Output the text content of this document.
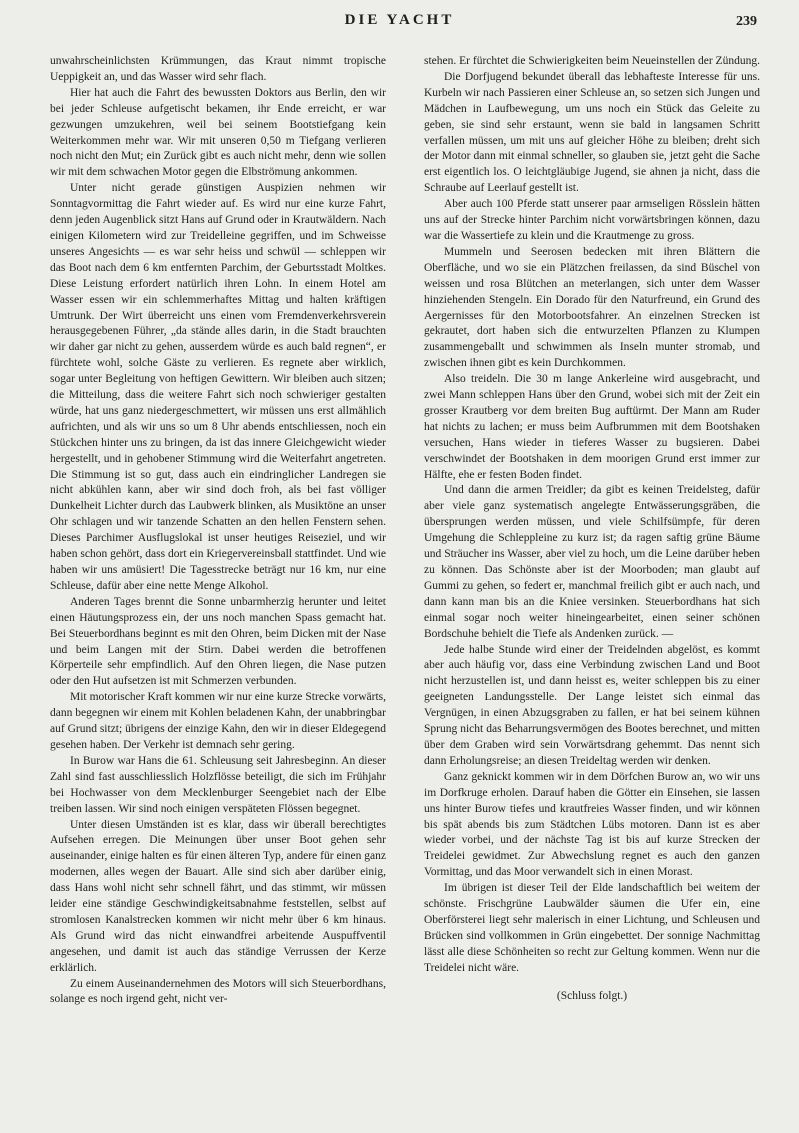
DIE YACHT	239

unwahrscheinlichsten Krümmungen, das Kraut nimmt tropische Ueppigkeit an, und das Wasser wird sehr flach.

Hier hat auch die Fahrt des bewussten Doktors aus Berlin, den wir bei jeder Schleuse aufgetischt bekamen, ihr Ende erreicht, er war gezwungen umzukehren, weil bei seinem Bootstiefgang kein Weiterkommen mehr war. Wir mit unseren 0,50 m Tiefgang verlieren noch nicht den Mut; ein Zurück gibt es auch nicht mehr, denn wie sollen wir mit dem schwachen Motor gegen die Elbströmung ankommen.

Unter nicht gerade günstigen Auspizien nehmen wir Sonntagvormittag die Fahrt wieder auf. Es wird nur eine kurze Fahrt, denn jeden Augenblick sitzt Hans auf Grund oder in Krautwäldern. Nach einigen Kilometern wird zur Treidelleine gegriffen, und im Schweisse unseres Angesichts — es war sehr heiss und schwül — schleppen wir das Boot nach dem 6 km entfernten Parchim, der Geburtsstadt Moltkes. Diese Leistung erfordert natürlich ihren Lohn. In einem Hotel am Wasser essen wir ein schlemmerhaftes Mittag und halten kräftigen Umtrunk. Der Wirt überreicht uns einen vom Fremdenverkehrsverein herausgegebenen Führer, „da stände alles darin, in die Stadt brauchten wir daher gar nicht zu gehen, ausserdem würde es auch bald regnen“, er fürchtete wohl, solche Gäste zu verlieren. Es regnete aber wirklich, sogar unter Begleitung von heftigen Gewittern. Wir bleiben auch sitzen; die Mitteilung, dass die weitere Fahrt sich noch schwieriger gestalten würde, hat uns ganz niedergeschmettert, wir müssen uns erst allmählich aufrichten, und als wir uns so um 8 Uhr abends entschliessen, noch ein Stückchen hinter uns zu bringen, da ist das innere Gleichgewicht wieder hergestellt, und in gehobener Stimmung wird die Weiterfahrt angetreten. Die Stimmung ist so gut, dass auch ein eindringlicher Landregen sie nicht abkühlen kann, aber wir sind doch froh, als bei fast völliger Dunkelheit Lichter durch das Laubwerk blinken, als Musiktöne an unser Ohr schlagen und wir tanzende Schatten an den hellen Fenstern sehen. Dieses Parchimer Ausflugslokal ist unser heutiges Reiseziel, und wir haben schon gehört, dass dort ein Kriegervereinsball stattfindet. Und wie haben wir uns amüsiert! Die Tagesstrecke beträgt nur 16 km, nur eine Schleuse, dafür aber eine nette Menge Alkohol.

Anderen Tages brennt die Sonne unbarmherzig herunter und leitet einen Häutungsprozess ein, der uns noch manchen Spass gemacht hat. Bei Steuerbordhans beginnt es mit den Ohren, beim Dicken mit der Nase und beim Langen mit der Stirn. Dabei werden die betroffenen Körperteile sehr empfindlich. Auf den Ohren liegen, die Nase putzen oder den Hut aufsetzen ist mit Schmerzen verbunden.

Mit motorischer Kraft kommen wir nur eine kurze Strecke vorwärts, dann begegnen wir einem mit Kohlen beladenen Kahn, der unabbringbar auf Grund sitzt; übrigens der einzige Kahn, den wir in dieser Eldegegend gesehen haben. Der Verkehr ist demnach sehr gering.

In Burow war Hans die 61. Schleusung seit Jahresbeginn. An dieser Zahl sind fast ausschliesslich Holzflösse beteiligt, die sich im Frühjahr bei Hochwasser von dem Mecklenburger Seengebiet nach der Elbe treiben lassen. Wir sind noch einigen verspäteten Flössen begegnet.

Unter diesen Umständen ist es klar, dass wir überall berechtigtes Aufsehen erregen. Die Meinungen über unser Boot gehen sehr auseinander, einige halten es für einen älteren Typ, andere für einen ganz modernen, alles wegen der Bauart. Alle sind sich aber darüber einig, dass Hans wohl nicht sehr schnell fährt, und das stimmt, wir müssen leider eine ständige Geschwindigkeitsabnahme feststellen, selbst auf stromlosen Kanalstrecken kommen wir nicht mehr über 6 km hinaus. Als Grund wird das nicht einwandfrei arbeitende Auspuffventil angesehen, und damit ist auch das ständige Verrussen der Kerze erklärlich.

Zu einem Auseinandernehmen des Motors will sich Steuerbordhans, solange es noch irgend geht, nicht ver-

stehen. Er fürchtet die Schwierigkeiten beim Neueinstellen der Zündung.

Die Dorfjugend bekundet überall das lebhafteste Interesse für uns. Kurbeln wir nach Passieren einer Schleuse an, so setzen sich Jungen und Mädchen in Laufbewegung, um uns noch ein Stück das Geleite zu geben, sie sind sehr erstaunt, wenn sie bald in langsamen Schritt verfallen müssen, um mit uns auf gleicher Höhe zu bleiben; dreht sich der Motor dann mit einmal schneller, so glauben sie, jetzt geht die Sache erst eigentlich los. O leichtgläubige Jugend, sie ahnen ja nicht, dass die Schraube auf Leerlauf gestellt ist.

Aber auch 100 Pferde statt unserer paar armseligen Rösslein hätten uns auf der Strecke hinter Parchim nicht vorwärtsbringen können, dazu war die Wassertiefe zu klein und die Krautmenge zu gross.

Mummeln und Seerosen bedecken mit ihren Blättern die Oberfläche, und wo sie ein Plätzchen freilassen, da sind Büschel von weissen und rosa Blütchen an meterlangen, sich unter dem Wasser hinziehenden Stengeln. Ein Dorado für den Naturfreund, ein Grund des Aergernisses für den Motorbootsfahrer. An einzelnen Strecken ist gekrautet, dort haben sich die entwurzelten Pflanzen zu Klumpen zusammengeballt und schwimmen als Inseln munter stromab, und zwischen ihnen gibt es kein Durchkommen.

Also treideln. Die 30 m lange Ankerleine wird ausgebracht, und zwei Mann schleppen Hans über den Grund, wobei sich mit der Zeit ein grosser Krautberg vor dem breiten Bug auftürmt. Der Mann am Ruder hat nichts zu lachen; er muss beim Aufbrummen mit dem Bootshaken versuchen, Hans wieder in tieferes Wasser zu bugsieren. Dabei verschwindet der Bootshaken in dem moorigen Grund erst immer zur Hälfte, ehe er festen Boden findet.

Und dann die armen Treidler; da gibt es keinen Treidelsteg, dafür aber viele ganz systematisch angelegte Entwässerungsgräben, die übersprungen werden müssen, und viele Schilfsümpfe, für deren Umgehung die Schleppleine zu kurz ist; da ragen saftig grüne Bäume und Sträucher ins Wasser, aber viel zu hoch, um die Leine darüber heben zu können. Das Schönste aber ist der Moorboden; man glaubt auf Gummi zu gehen, so federt er, manchmal freilich gibt er auch nach, und dann kann man bis an die Kniee versinken. Steuerbordhans hat sich einmal sogar noch weiter hineingearbeitet, einen seiner schönen Bordschuhe behielt die Tiefe als Andenken zurück. —

Jede halbe Stunde wird einer der Treidelnden abgelöst, es kommt aber auch häufig vor, dass eine Verbindung zwischen Land und Boot nicht herzustellen ist, und dann heisst es, weiter schleppen bis zu einer geeigneten Landungsstelle. Der Lange leistet sich einmal das Vergnügen, in einen Abzugsgraben zu fallen, er hat bei seinem kühnen Sprung nicht das Beharrungsvermögen des Bootes berechnet, und mitten über dem Graben wird sein Vorwärtsdrang gehemmt. Das nennt sich dann Erholungsreise; an diesen Treideltag werden wir denken.

Ganz geknickt kommen wir in dem Dörfchen Burow an, wo wir uns im Dorfkruge erholen. Darauf haben die Götter ein Einsehen, sie lassen uns hinter Burow tiefes und krautfreies Wasser finden, und wir können bis spät abends bis zum Städtchen Lübs motoren. Dann ist es aber wieder vorbei, und der nächste Tag ist bis auf kurze Strecken der Treidelei gewidmet. Zur Abwechslung regnet es auch den ganzen Vormittag, und das Moor verwandelt sich in einen Morast.

Im übrigen ist dieser Teil der Elde landschaftlich bei weitem der schönste. Frischgrüne Laubwälder säumen die Ufer ein, eine Oberförsterei liegt sehr malerisch in einer Lichtung, und Schleusen und Brücken sind vollkommen in Grün eingebettet. Der sonnige Nachmittag lässt alle diese Schönheiten so recht zur Geltung kommen. Wenn nur die Treidelei nicht wäre.

(Schluss folgt.)
